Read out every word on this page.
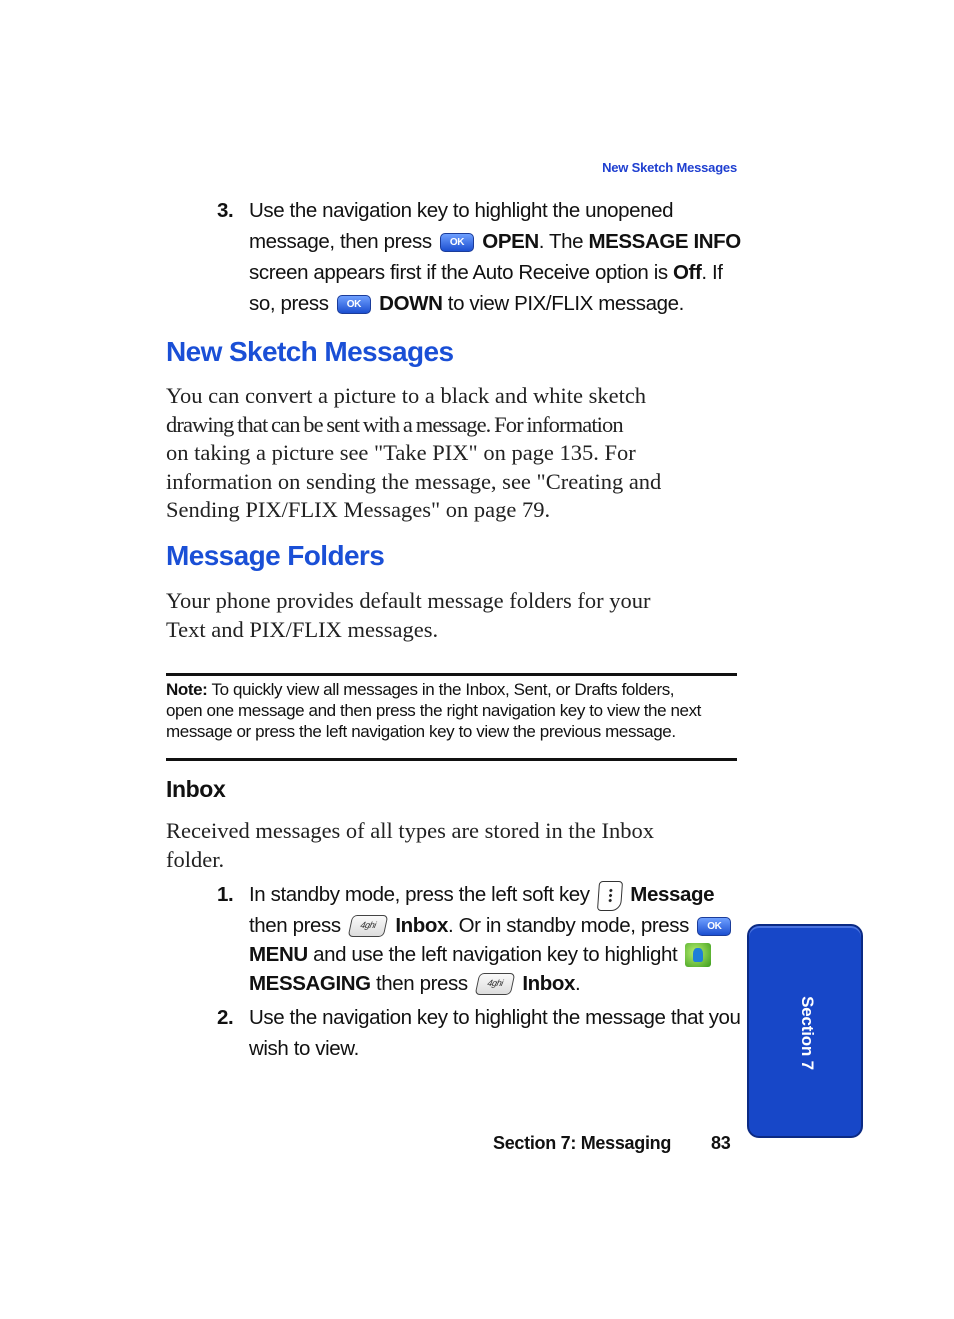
New Sketch Messages
3. Use the navigation key to highlight the unopened
message, then press OK OPEN. The MESSAGE INFO
screen appears first if the Auto Receive option is Off. If
so, press OK DOWN to view PIX/FLIX message.
New Sketch Messages
You can convert a picture to a black and white sketch
drawing that can be sent with a message. For information
on taking a picture see "Take PIX" on page 135. For
information on sending the message, see "Creating and
Sending PIX/FLIX Messages" on page 79.
Message Folders
Your phone provides default message folders for your
Text and PIX/FLIX messages.
Note: To quickly view all messages in the Inbox, Sent, or Drafts folders,
open one message and then press the right navigation key to view the next
message or press the left navigation key to view the previous message.
Inbox
Received messages of all types are stored in the Inbox
folder.
1. In standby mode, press the left soft key Message
then press 4ghi Inbox. Or in standby mode, press OK
MENU and use the left navigation key to highlight
MESSAGING then press 4ghi Inbox.
2. Use the navigation key to highlight the message that you
wish to view.	Section 7
Section 7: Messaging 83
